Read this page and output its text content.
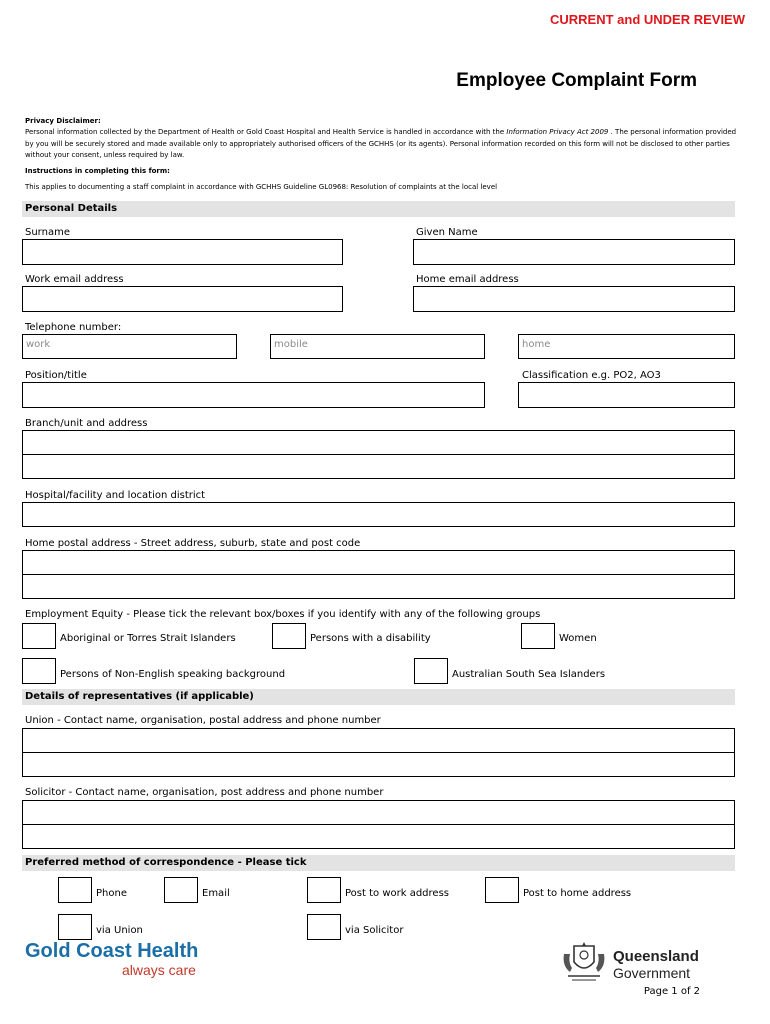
CURRENT and UNDER REVIEW
Employee Complaint Form
Privacy Disclaimer:
Personal information collected by the Department of Health or Gold Coast Hospital and Health Service is handled in accordance with the Information Privacy Act 2009 . The personal information provided by you will be securely stored and made available only to appropriately authorised officers of the GCHHS (or its agents). Personal information recorded on this form will not be disclosed to other parties without your consent, unless required by law.
Instructions in completing this form:
This applies to documenting a staff complaint in accordance with GCHHS Guideline GL0968: Resolution of complaints at the local level
Personal Details
Surname	Given Name
Work email address	Home email address
Telephone number:
work	mobile	home
Position/title	Classification e.g. PO2, AO3
Branch/unit and address
Hospital/facility and location district
Home postal address - Street address, suburb, state and post code
Employment Equity - Please tick the relevant box/boxes if you identify with any of the following groups
Aboriginal or Torres Strait Islanders	Persons with a disability	Women
Persons of Non-English speaking background	Australian South Sea Islanders
Details of representatives (if applicable)
Union - Contact name, organisation, postal address and phone number
Solicitor - Contact name, organisation, post address and phone number
Preferred method of correspondence - Please tick
Phone	Email	Post to work address	Post to home address
via Union	via Solicitor
Gold Coast Health
always care
Queensland
Government
Page 1 of 2
